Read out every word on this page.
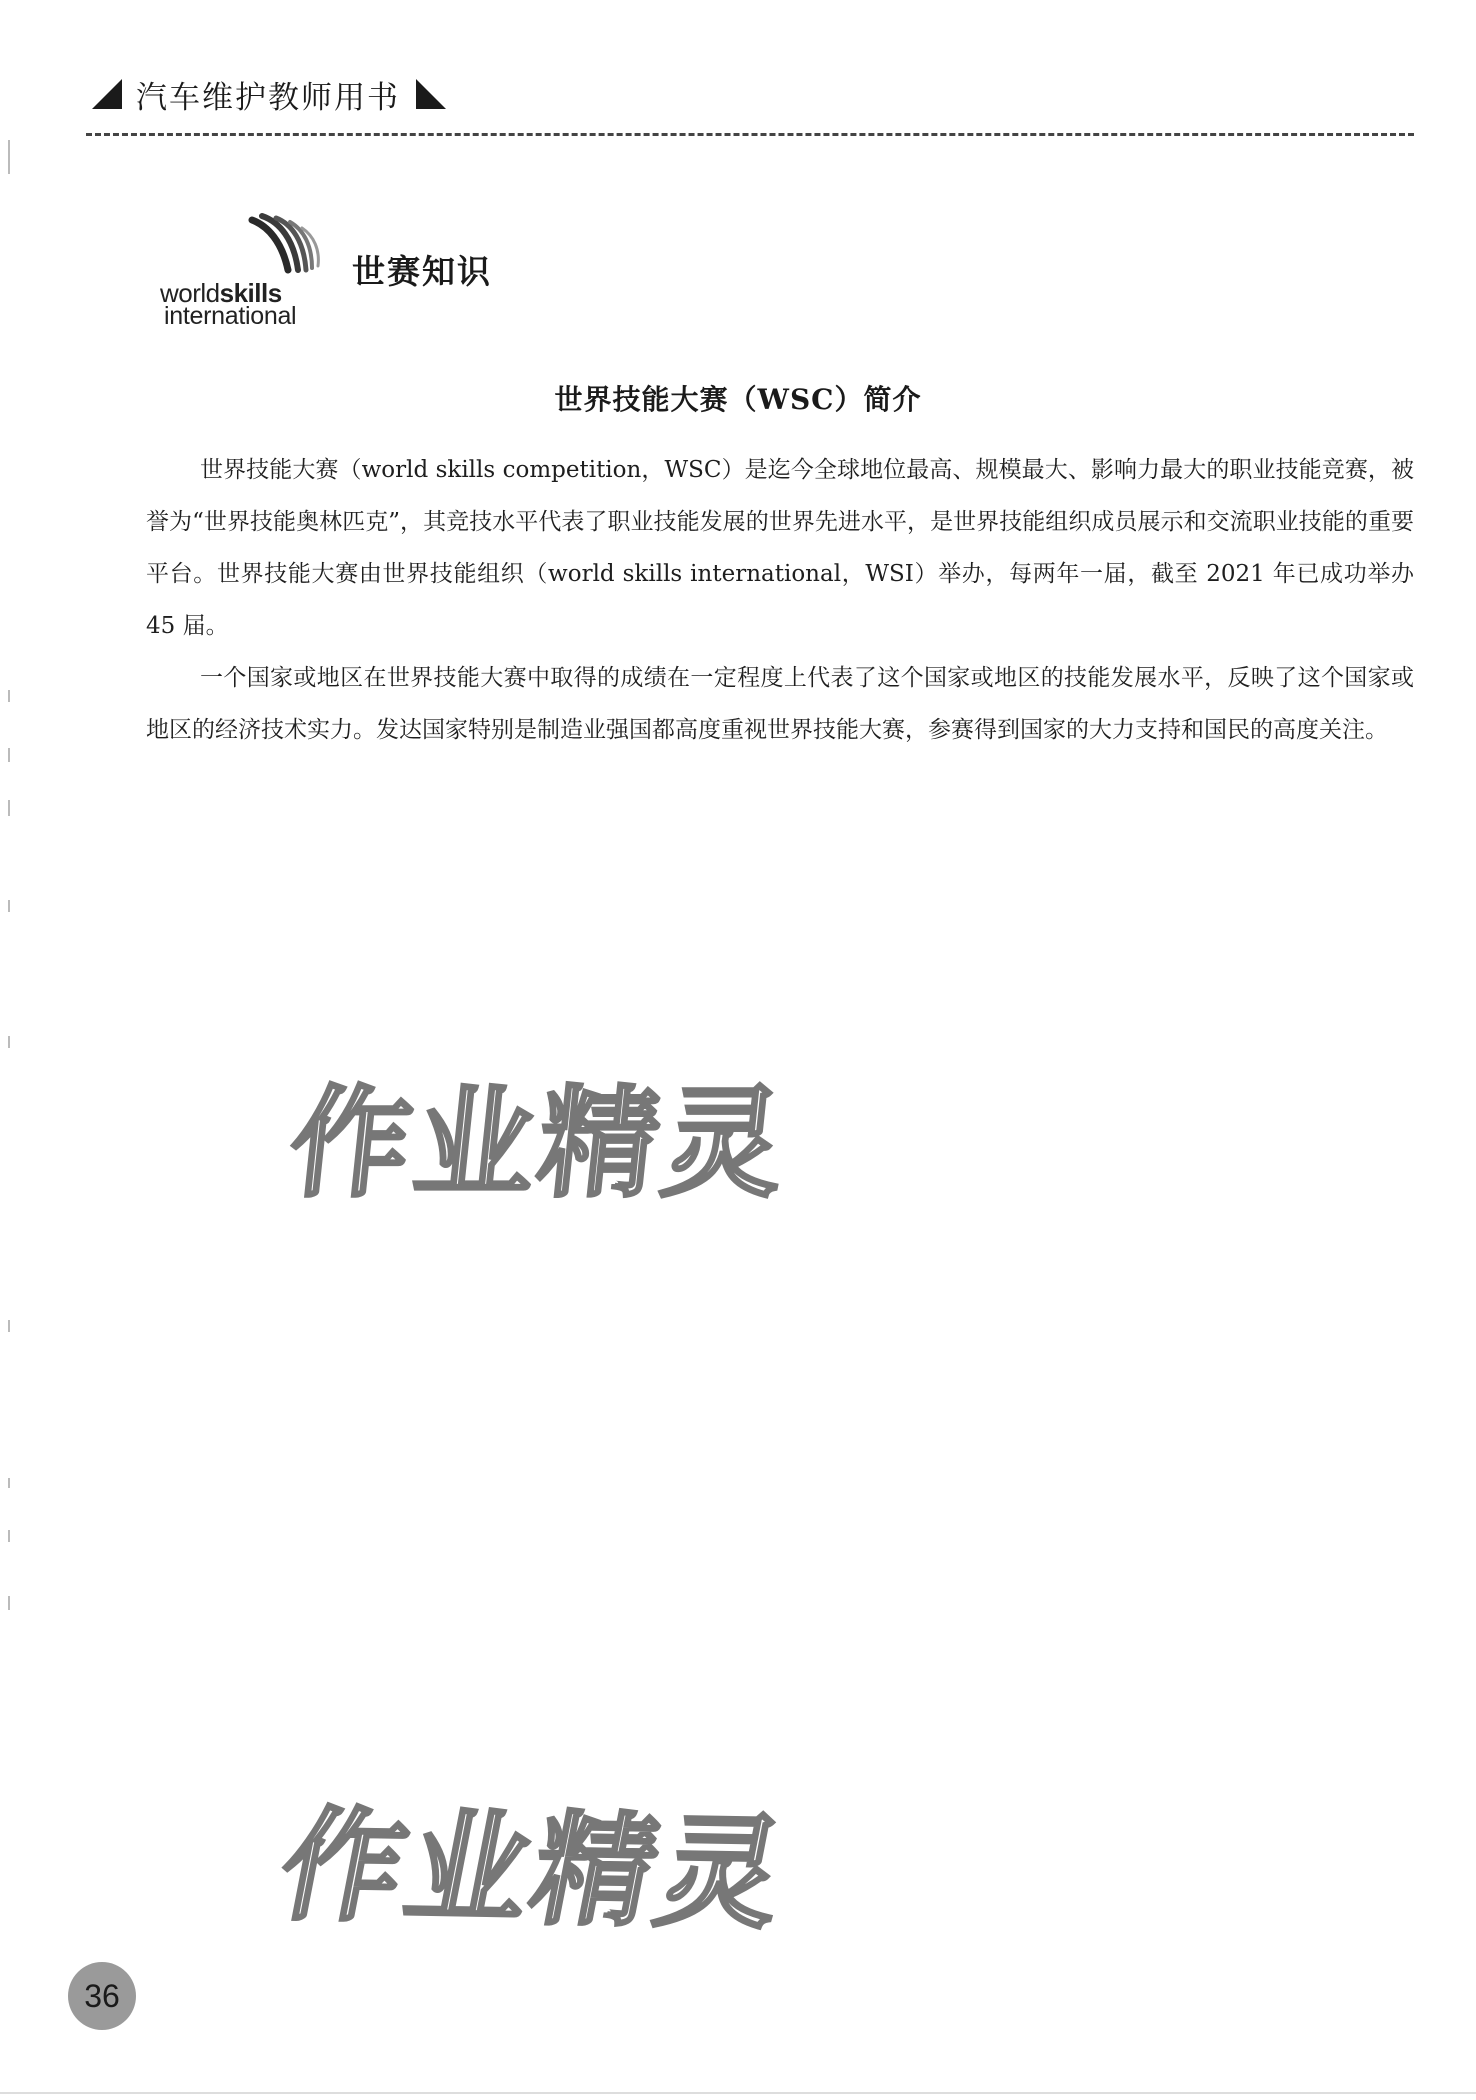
汽车维护教师用书
worldskills
international
世赛知识
世界技能大赛（WSC）简介

世界技能大赛（world skills competition，WSC）是迄今全球地位最高、规模最大、影响力最大的职业技能竞赛，被誉为“世界技能奥林匹克”，其竞技水平代表了职业技能发展的世界先进水平，是世界技能组织成员展示和交流职业技能的重要平台。世界技能大赛由世界技能组织（world skills international，WSI）举办，每两年一届，截至 2021 年已成功举办 45 届。

一个国家或地区在世界技能大赛中取得的成绩在一定程度上代表了这个国家或地区的技能发展水平，反映了这个国家或地区的经济技术实力。发达国家特别是制造业强国都高度重视世界技能大赛，参赛得到国家的大力支持和国民的高度关注。

作业精灵
作业精灵
36
